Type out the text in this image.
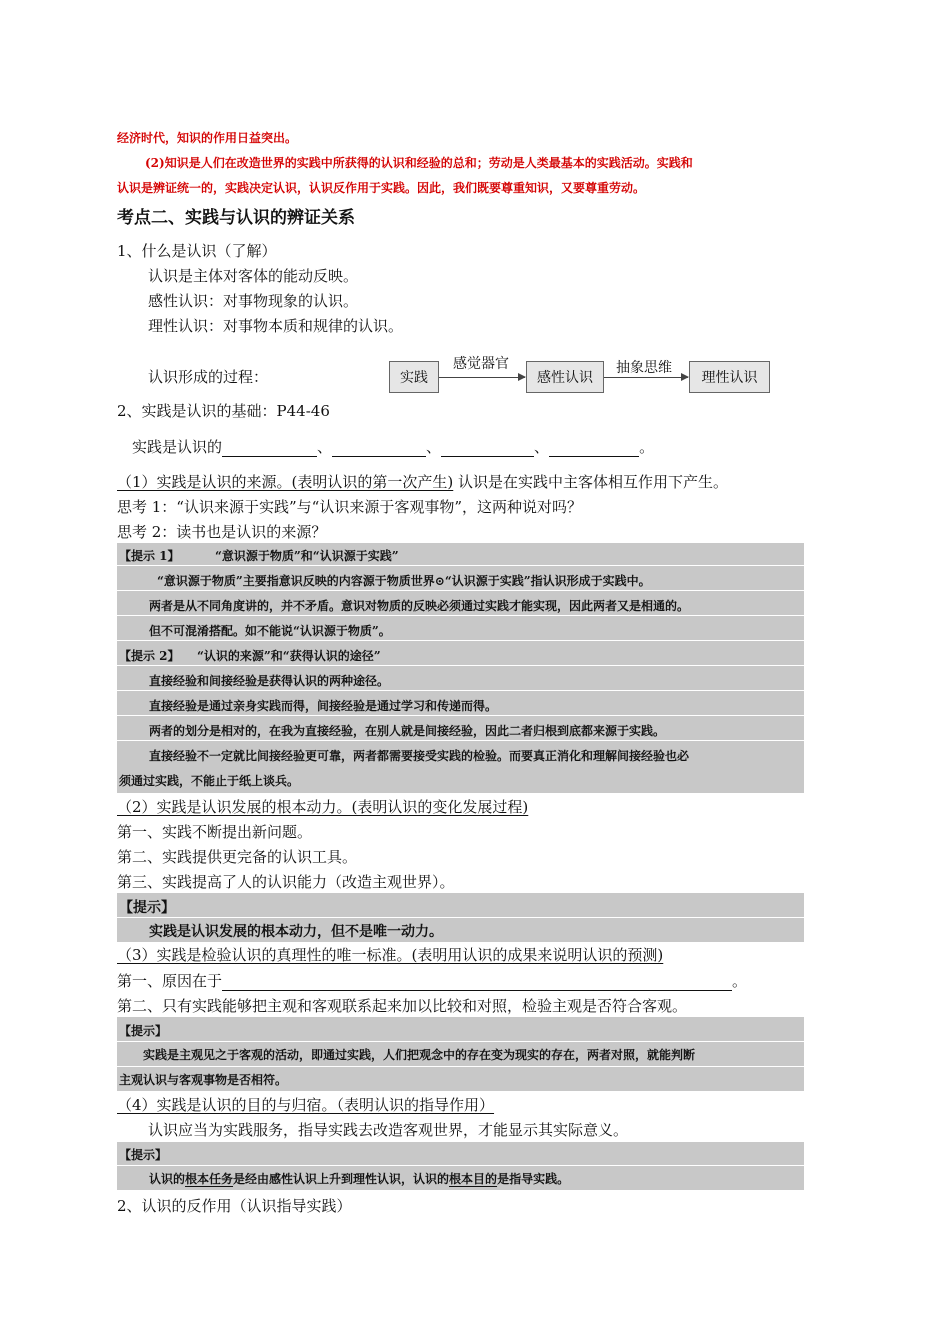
经济时代，知识的作用日益突出。
(2)知识是人们在改造世界的实践中所获得的认识和经验的总和；劳动是人类最基本的实践活动。实践和
认识是辨证统一的，实践决定认识，认识反作用于实践。因此，我们既要尊重知识，又要尊重劳动。
考点二、实践与认识的辨证关系
1、什么是认识（了解）
认识是主体对客体的能动反映。
感性认识：对事物现象的认识。
理性认识：对事物本质和规律的认识。
认识形成的过程：	实践
感觉器官
感性认识
抽象思维
理性认识
2、实践是认识的基础：P44-46
实践是认识的	、	、	、	。
（1）实践是认识的来源。(表明认识的第一次产生) 认识是在实践中主客体相互作用下产生。
思考 1：“认识来源于实践”与“认识来源于客观事物”，这两种说对吗？
思考 2：读书也是认识的来源？
【提示 1】	“意识源于物质”和“认识源于实践”
“意识源于物质”主要指意识反映的内容源于物质世界⊙“认识源于实践”指认识形成于实践中。
两者是从不同角度讲的，并不矛盾。意识对物质的反映必须通过实践才能实现，因此两者又是相通的。
但不可混淆搭配。如不能说“认识源于物质”。
【提示 2】 “认识的来源”和“获得认识的途径”
直接经验和间接经验是获得认识的两种途径。
直接经验是通过亲身实践而得，间接经验是通过学习和传递而得。
两者的划分是相对的，在我为直接经验，在别人就是间接经验，因此二者归根到底都来源于实践。
直接经验不一定就比间接经验更可靠，两者都需要接受实践的检验。而要真正消化和理解间接经验也必
须通过实践，不能止于纸上谈兵。
（2）实践是认识发展的根本动力。(表明认识的变化发展过程)
第一、实践不断提出新问题。
第二、实践提供更完备的认识工具。
第三、实践提高了人的认识能力（改造主观世界）。
【提示】
实践是认识发展的根本动力，但不是唯一动力。
（3）实践是检验认识的真理性的唯一标准。(表明用认识的成果来说明认识的预测)
第一、原因在于	。
第二、只有实践能够把主观和客观联系起来加以比较和对照，检验主观是否符合客观。
【提示】
实践是主观见之于客观的活动，即通过实践，人们把观念中的存在变为现实的存在，两者对照，就能判断
主观认识与客观事物是否相符。
（4）实践是认识的目的与归宿。（表明认识的指导作用）
认识应当为实践服务，指导实践去改造客观世界，才能显示其实际意义。
【提示】
认识的根本任务是经由感性认识上升到理性认识，认识的根本目的是指导实践。
2、认识的反作用（认识指导实践）
